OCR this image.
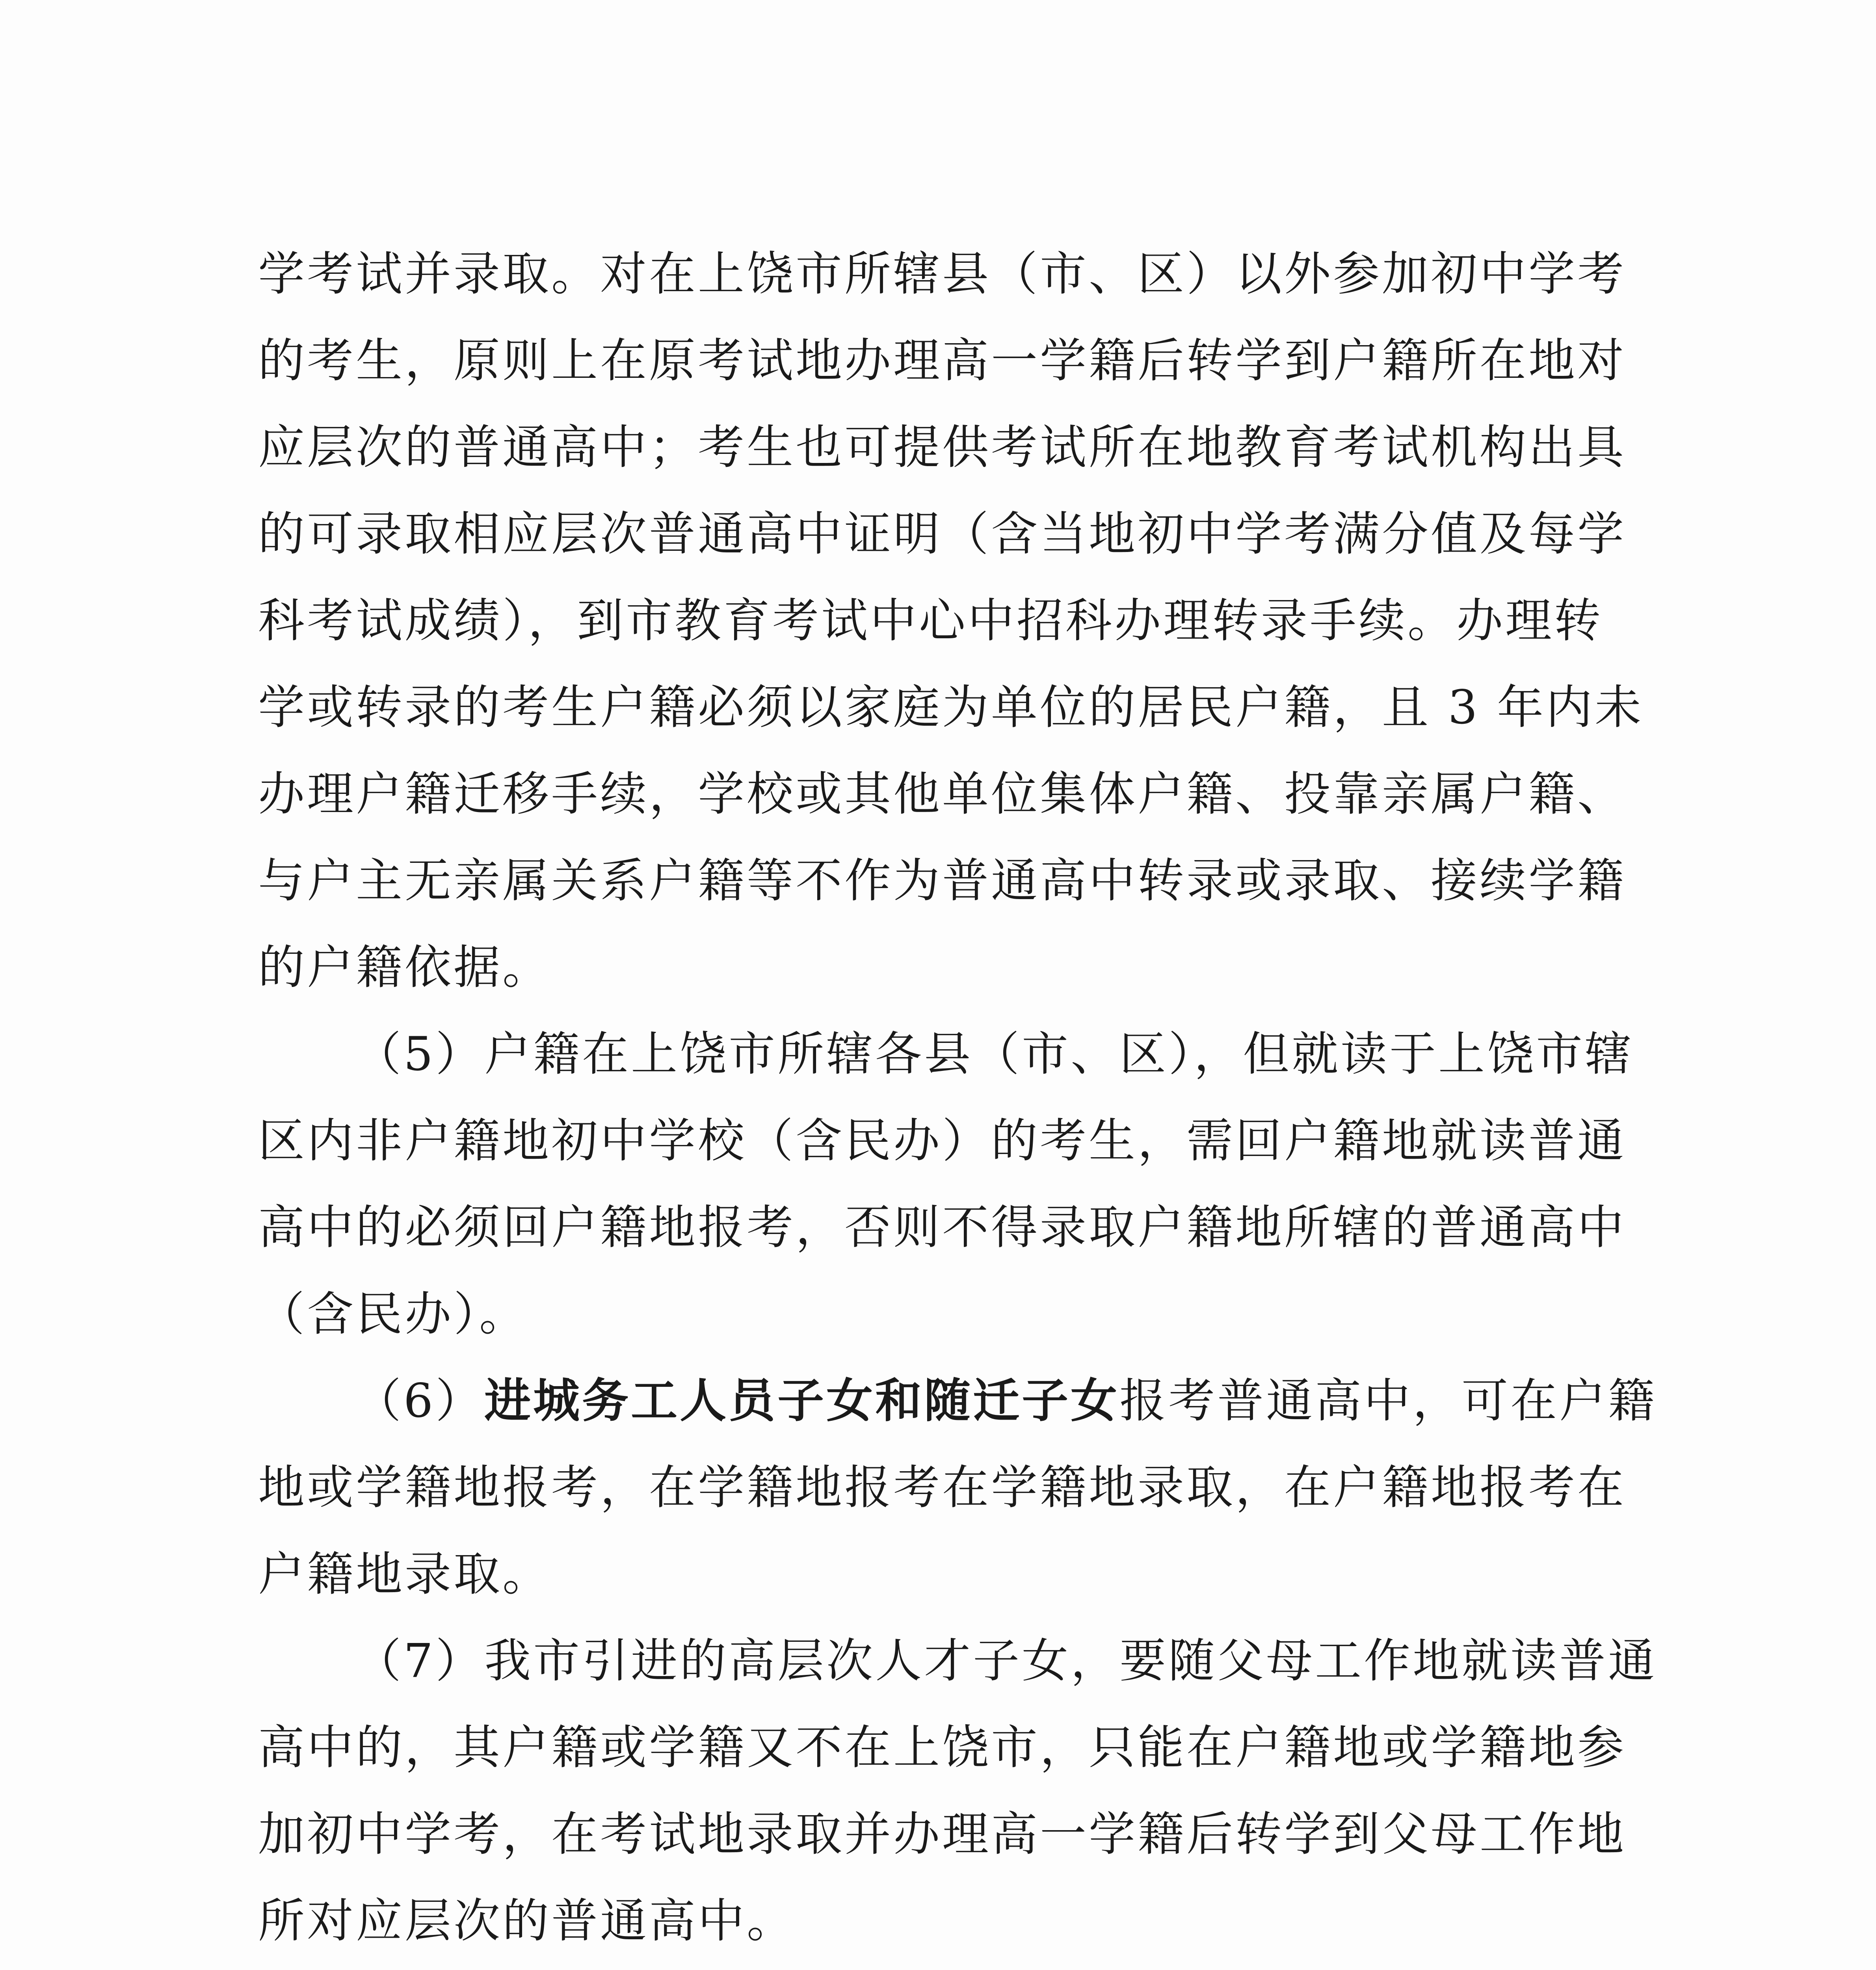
学考试并录取。对在上饶市所辖县（市、区）以外参加初中学考
的考生，原则上在原考试地办理高一学籍后转学到户籍所在地对
应层次的普通高中；考生也可提供考试所在地教育考试机构出具
的可录取相应层次普通高中证明（含当地初中学考满分值及每学
科考试成绩），到市教育考试中心中招科办理转录手续。办理转
学或转录的考生户籍必须以家庭为单位的居民户籍，且 3 年内未
办理户籍迁移手续，学校或其他单位集体户籍、投靠亲属户籍、
与户主无亲属关系户籍等不作为普通高中转录或录取、接续学籍
的户籍依据。
（5）户籍在上饶市所辖各县（市、区），但就读于上饶市辖
区内非户籍地初中学校（含民办）的考生，需回户籍地就读普通
高中的必须回户籍地报考，否则不得录取户籍地所辖的普通高中
（含民办）。
（6）进城务工人员子女和随迁子女报考普通高中，可在户籍
地或学籍地报考，在学籍地报考在学籍地录取，在户籍地报考在
户籍地录取。
（7）我市引进的高层次人才子女，要随父母工作地就读普通
高中的，其户籍或学籍又不在上饶市，只能在户籍地或学籍地参
加初中学考，在考试地录取并办理高一学籍后转学到父母工作地
所对应层次的普通高中。
